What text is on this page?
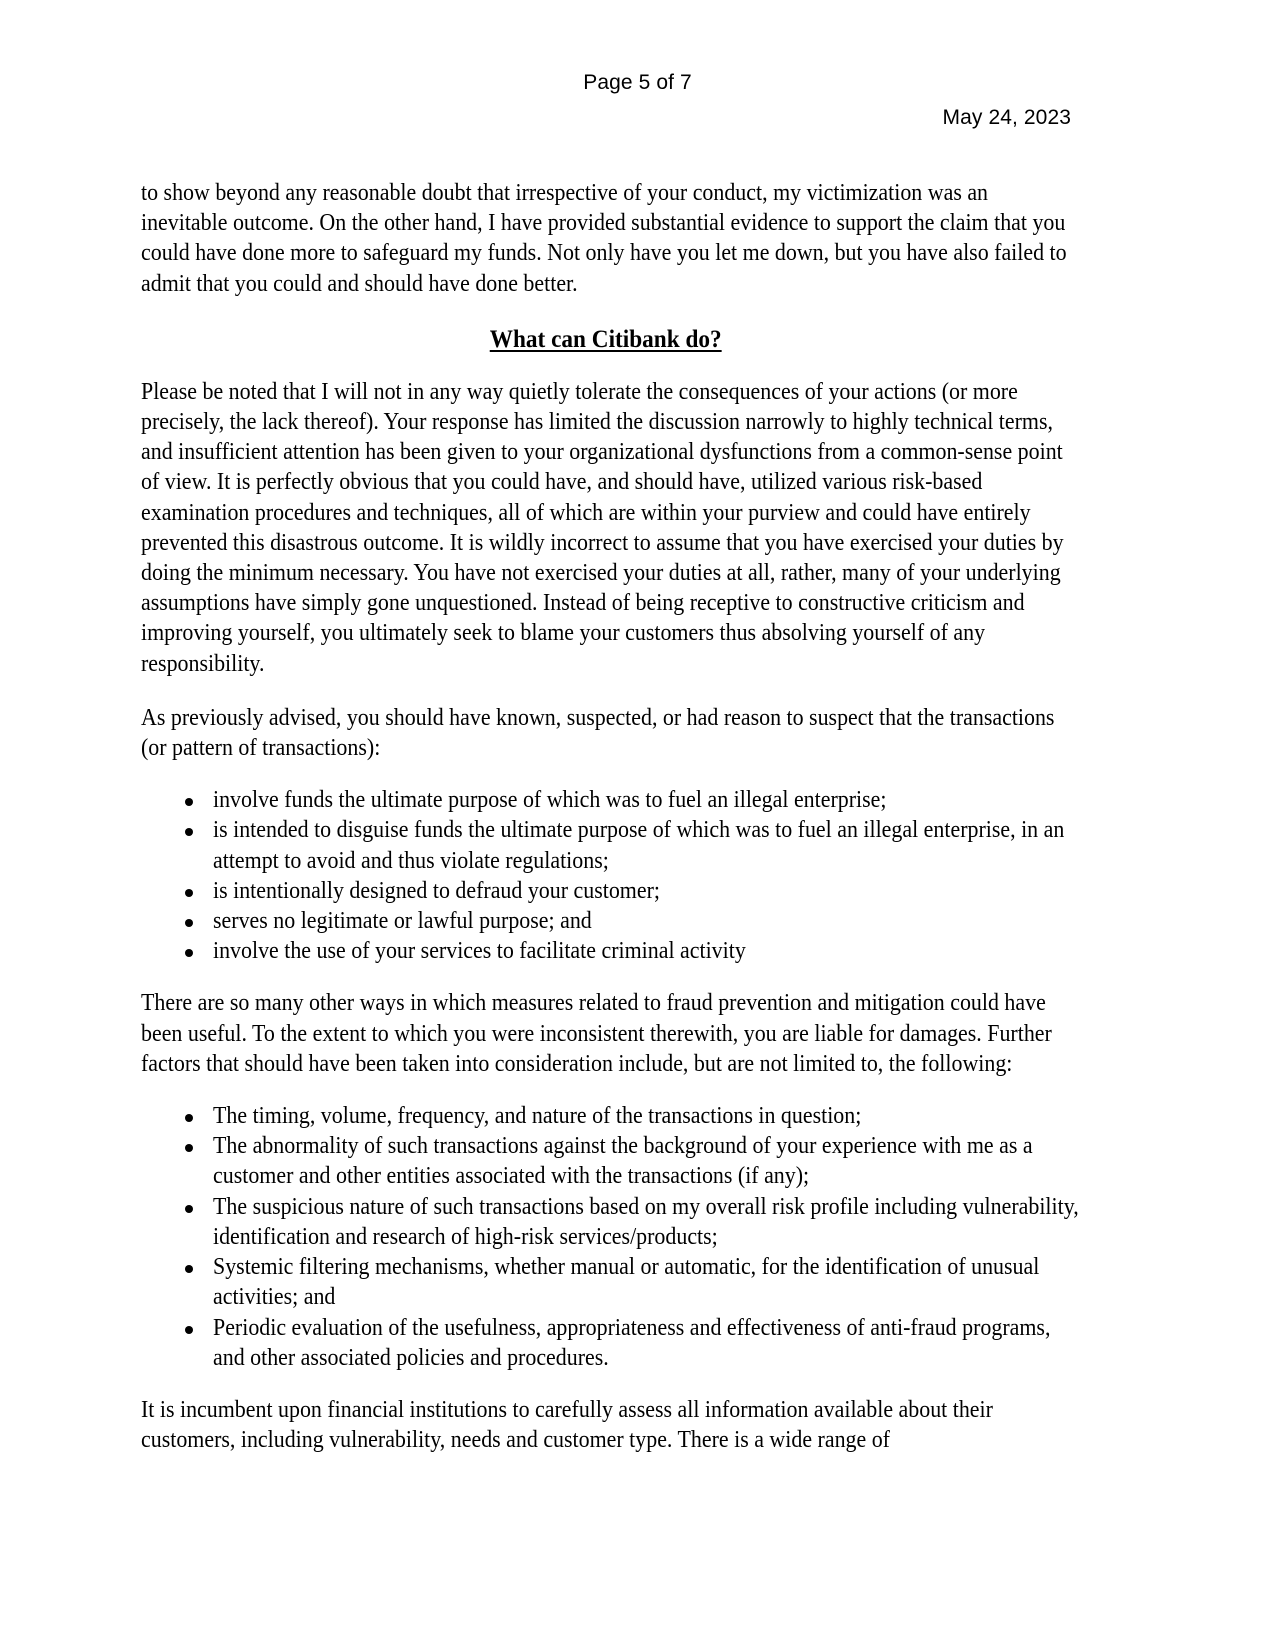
Page 5 of 7
May 24, 2023

to show beyond any reasonable doubt that irrespective of your conduct, my victimization was an inevitable outcome. On the other hand, I have provided substantial evidence to support the claim that you could have done more to safeguard my funds. Not only have you let me down, but you have also failed to admit that you could and should have done better.

What can Citibank do?

Please be noted that I will not in any way quietly tolerate the consequences of your actions (or more precisely, the lack thereof). Your response has limited the discussion narrowly to highly technical terms, and insufficient attention has been given to your organizational dysfunctions from a common-sense point of view. It is perfectly obvious that you could have, and should have, utilized various risk-based examination procedures and techniques, all of which are within your purview and could have entirely prevented this disastrous outcome. It is wildly incorrect to assume that you have exercised your duties by doing the minimum necessary. You have not exercised your duties at all, rather, many of your underlying assumptions have simply gone unquestioned. Instead of being receptive to constructive criticism and improving yourself, you ultimately seek to blame your customers thus absolving yourself of any responsibility.

As previously advised, you should have known, suspected, or had reason to suspect that the transactions (or pattern of transactions):

involve funds the ultimate purpose of which was to fuel an illegal enterprise;
is intended to disguise funds the ultimate purpose of which was to fuel an illegal enterprise, in an attempt to avoid and thus violate regulations;
is intentionally designed to defraud your customer;
serves no legitimate or lawful purpose; and
involve the use of your services to facilitate criminal activity

There are so many other ways in which measures related to fraud prevention and mitigation could have been useful. To the extent to which you were inconsistent therewith, you are liable for damages. Further factors that should have been taken into consideration include, but are not limited to, the following:

The timing, volume, frequency, and nature of the transactions in question;
The abnormality of such transactions against the background of your experience with me as a customer and other entities associated with the transactions (if any);
The suspicious nature of such transactions based on my overall risk profile including vulnerability, identification and research of high-risk services/products;
Systemic filtering mechanisms, whether manual or automatic, for the identification of unusual activities; and
Periodic evaluation of the usefulness, appropriateness and effectiveness of anti-fraud programs, and other associated policies and procedures.

It is incumbent upon financial institutions to carefully assess all information available about their customers, including vulnerability, needs and customer type. There is a wide range of
